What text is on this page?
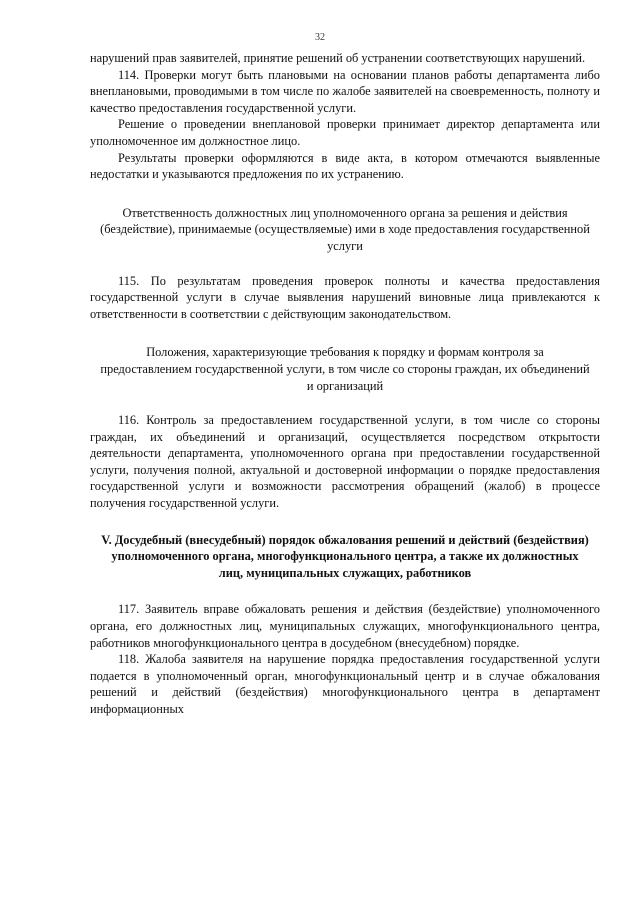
32

нарушений прав заявителей, принятие решений об устранении соответствующих нарушений.

114. Проверки могут быть плановыми на основании планов работы департамента либо внеплановыми, проводимыми в том числе по жалобе заявителей на своевременность, полноту и качество предоставления государственной услуги.

Решение о проведении внеплановой проверки принимает директор департамента или уполномоченное им должностное лицо.

Результаты проверки оформляются в виде акта, в котором отмечаются выявленные недостатки и указываются предложения по их устранению.

Ответственность должностных лиц уполномоченного органа за решения и действия (бездействие), принимаемые (осуществляемые) ими в ходе предоставления государственной услуги

115. По результатам проведения проверок полноты и качества предоставления государственной услуги в случае выявления нарушений виновные лица привлекаются к ответственности в соответствии с действующим законодательством.

Положения, характеризующие требования к порядку и формам контроля за предоставлением государственной услуги, в том числе со стороны граждан, их объединений и организаций

116. Контроль за предоставлением государственной услуги, в том числе со стороны граждан, их объединений и организаций, осуществляется посредством открытости деятельности департамента, уполномоченного органа при предоставлении государственной услуги, получения полной, актуальной и достоверной информации о порядке предоставления государственной услуги и возможности рассмотрения обращений (жалоб) в процессе получения государственной услуги.

V. Досудебный (внесудебный) порядок обжалования решений и действий (бездействия) уполномоченного органа, многофункционального центра, а также их должностных лиц, муниципальных служащих, работников

117. Заявитель вправе обжаловать решения и действия (бездействие) уполномоченного органа, его должностных лиц, муниципальных служащих, многофункционального центра, работников многофункционального центра в досудебном (внесудебном) порядке.

118. Жалоба заявителя на нарушение порядка предоставления государственной услуги подается в уполномоченный орган, многофункциональный центр и в случае обжалования решений и действий (бездействия) многофункционального центра в департамент информационных
